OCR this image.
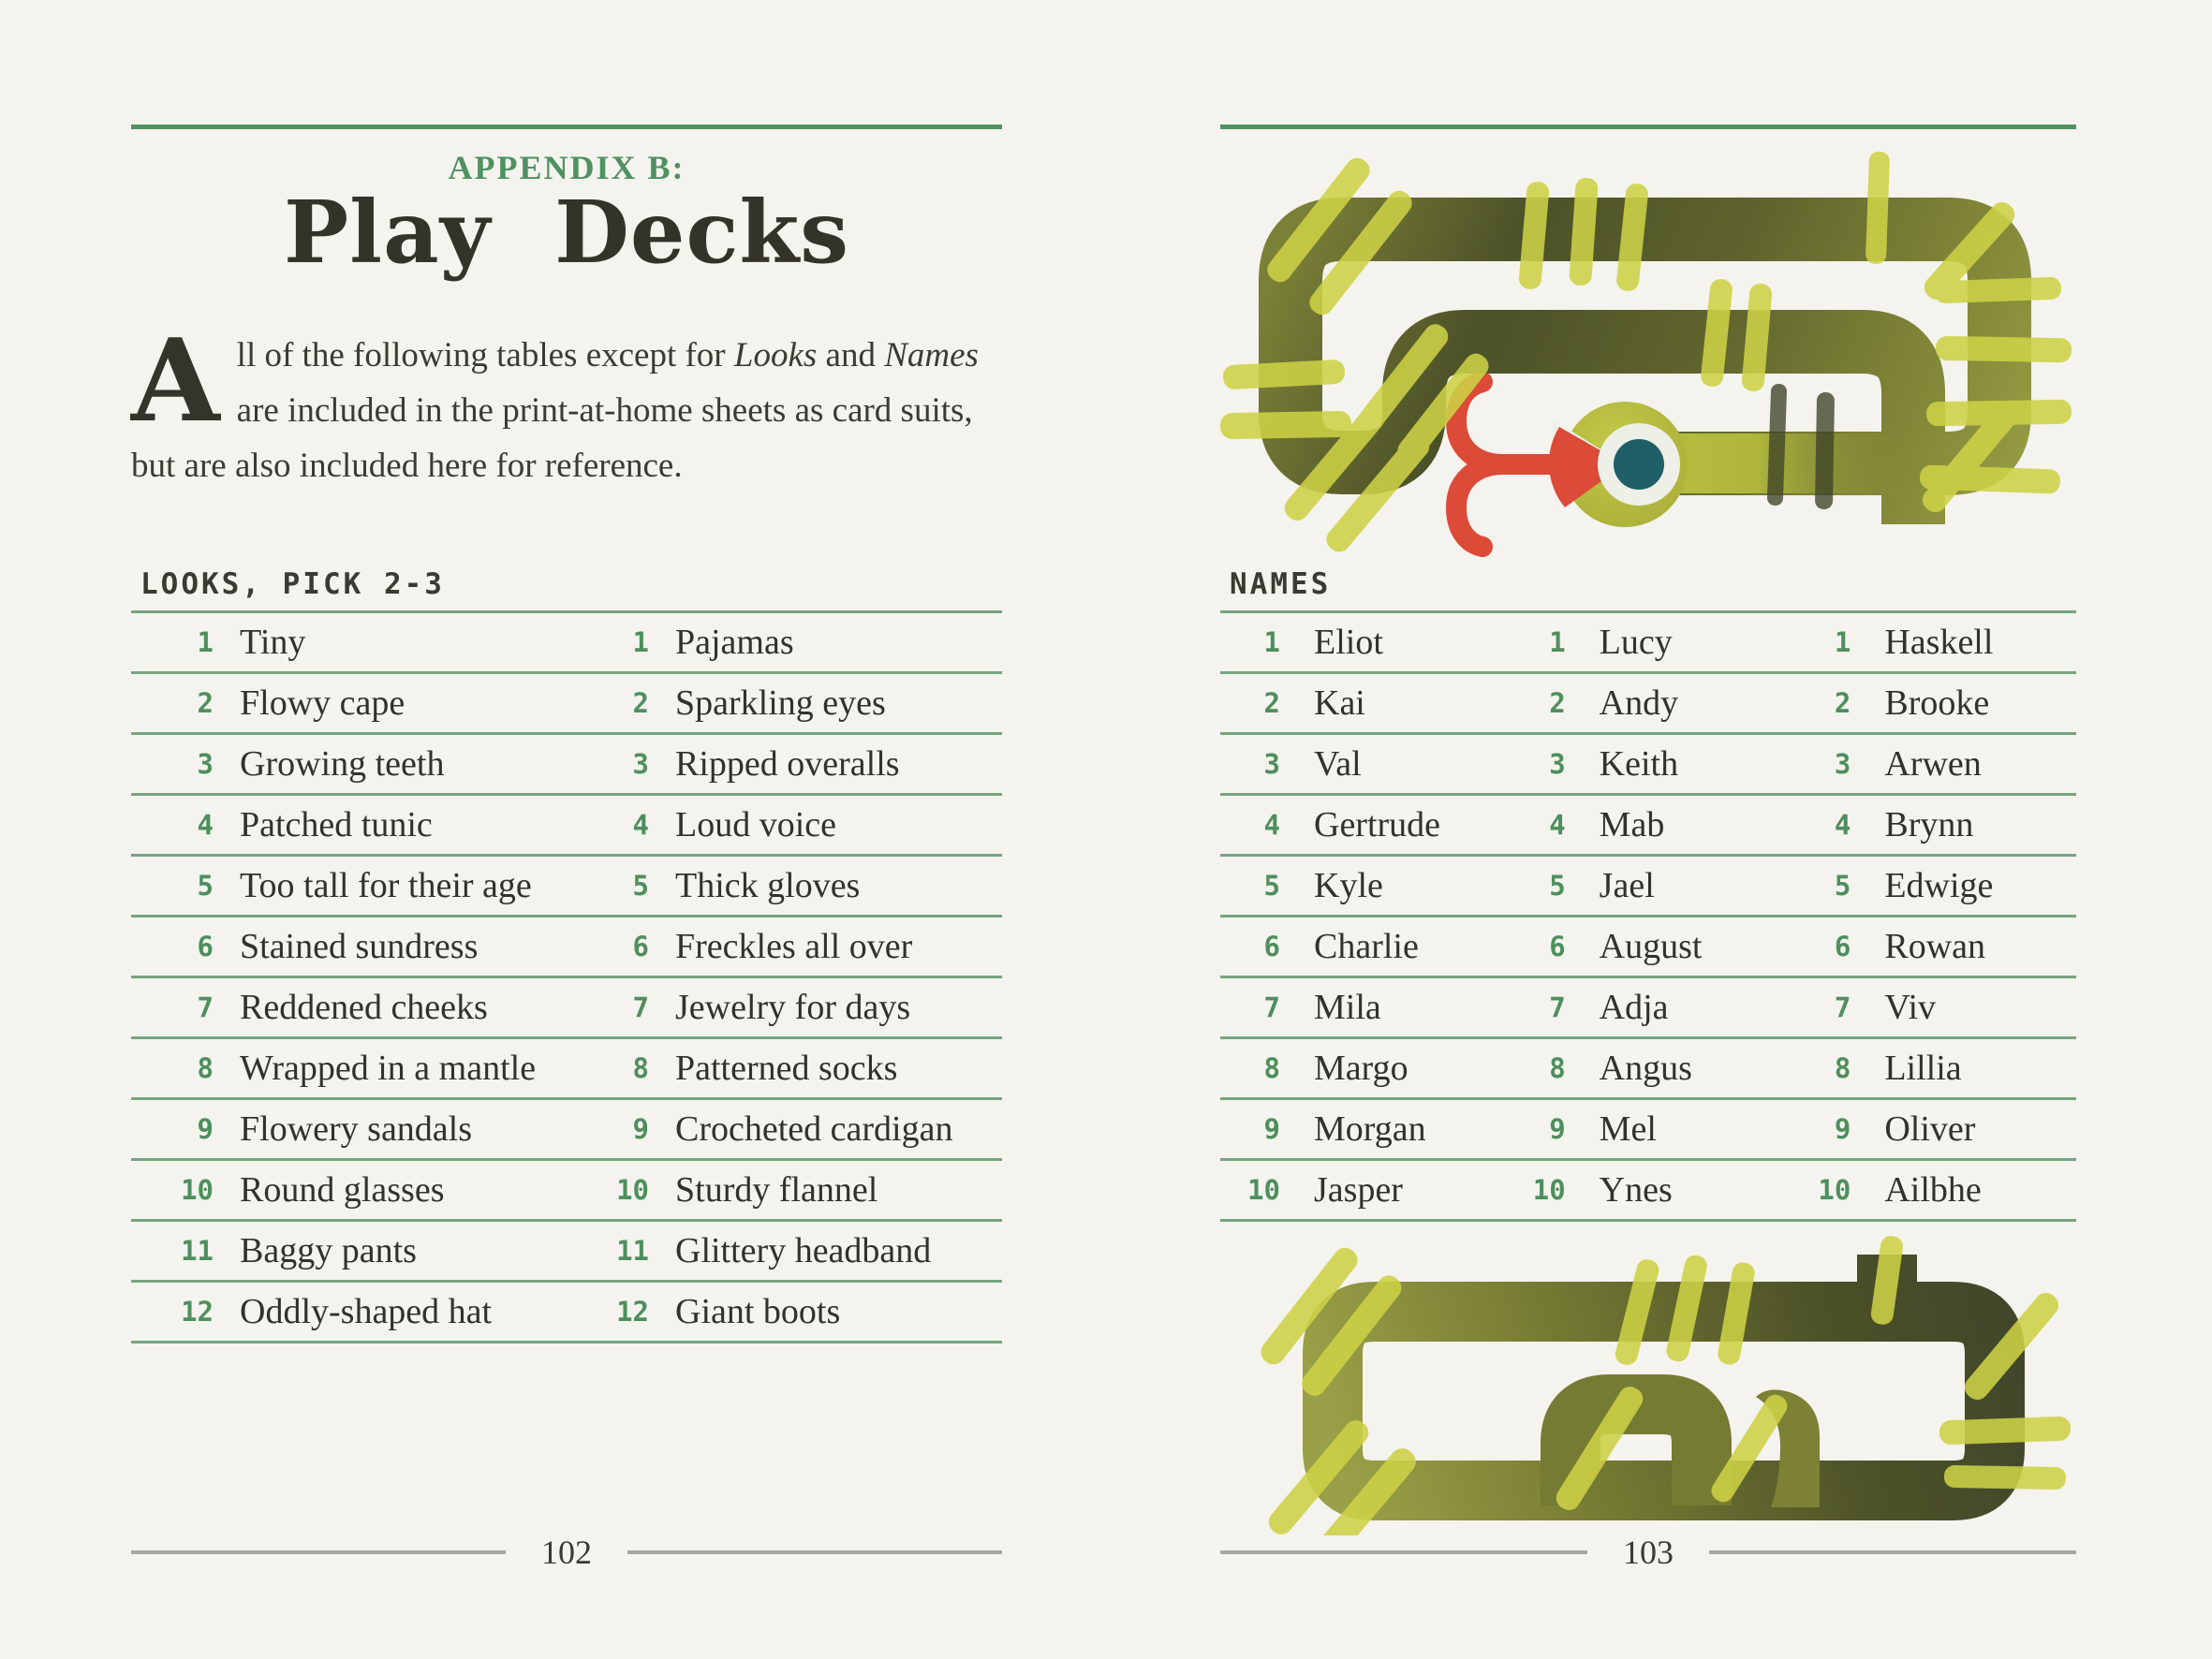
APPENDIX B:
Play Decks
All of the following tables except for Looks and Names are included in the print-at-home sheets as card suits, but are also included here for reference.
LOOKS, PICK 2-3
1 Tiny
2 Flowy cape
3 Growing teeth
4 Patched tunic
5 Too tall for their age
6 Stained sundress
7 Reddened cheeks
8 Wrapped in a mantle
9 Flowery sandals
10 Round glasses
11 Baggy pants
12 Oddly-shaped hat
1 Pajamas
2 Sparkling eyes
3 Ripped overalls
4 Loud voice
5 Thick gloves
6 Freckles all over
7 Jewelry for days
8 Patterned socks
9 Crocheted cardigan
10 Sturdy flannel
11 Glittery headband
12 Giant boots
102
NAMES
1 Eliot
2 Kai
3 Val
4 Gertrude
5 Kyle
6 Charlie
7 Mila
8 Margo
9 Morgan
10 Jasper
1 Lucy
2 Andy
3 Keith
4 Mab
5 Jael
6 August
7 Adja
8 Angus
9 Mel
10 Ynes
1 Haskell
2 Brooke
3 Arwen
4 Brynn
5 Edwige
6 Rowan
7 Viv
8 Lillia
9 Oliver
10 Ailbhe
103
